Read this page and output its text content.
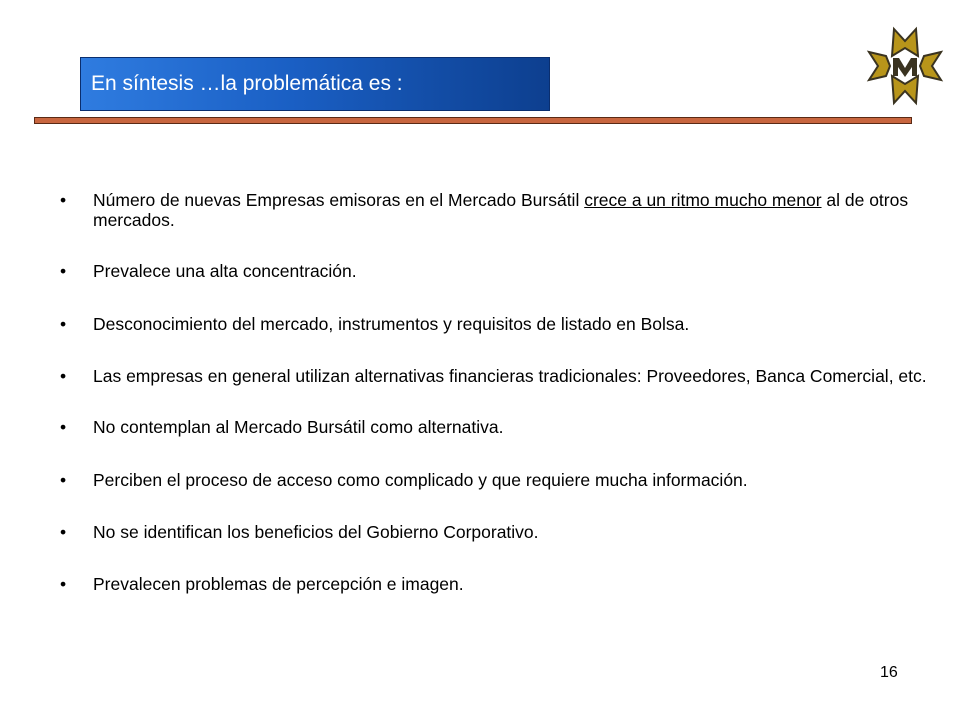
En síntesis …la problemática es :
• Número de nuevas Empresas emisoras en el Mercado Bursátil crece a un ritmo mucho menor al de otros mercados.
• Prevalece una alta concentración.
• Desconocimiento del mercado, instrumentos y requisitos de listado en Bolsa.
• Las empresas en general utilizan alternativas financieras tradicionales: Proveedores, Banca Comercial, etc.
• No contemplan al Mercado Bursátil como alternativa.
• Perciben el proceso de acceso como complicado y que requiere mucha información.
• No se identifican los beneficios del Gobierno Corporativo.
• Prevalecen problemas de percepción e imagen.
16
